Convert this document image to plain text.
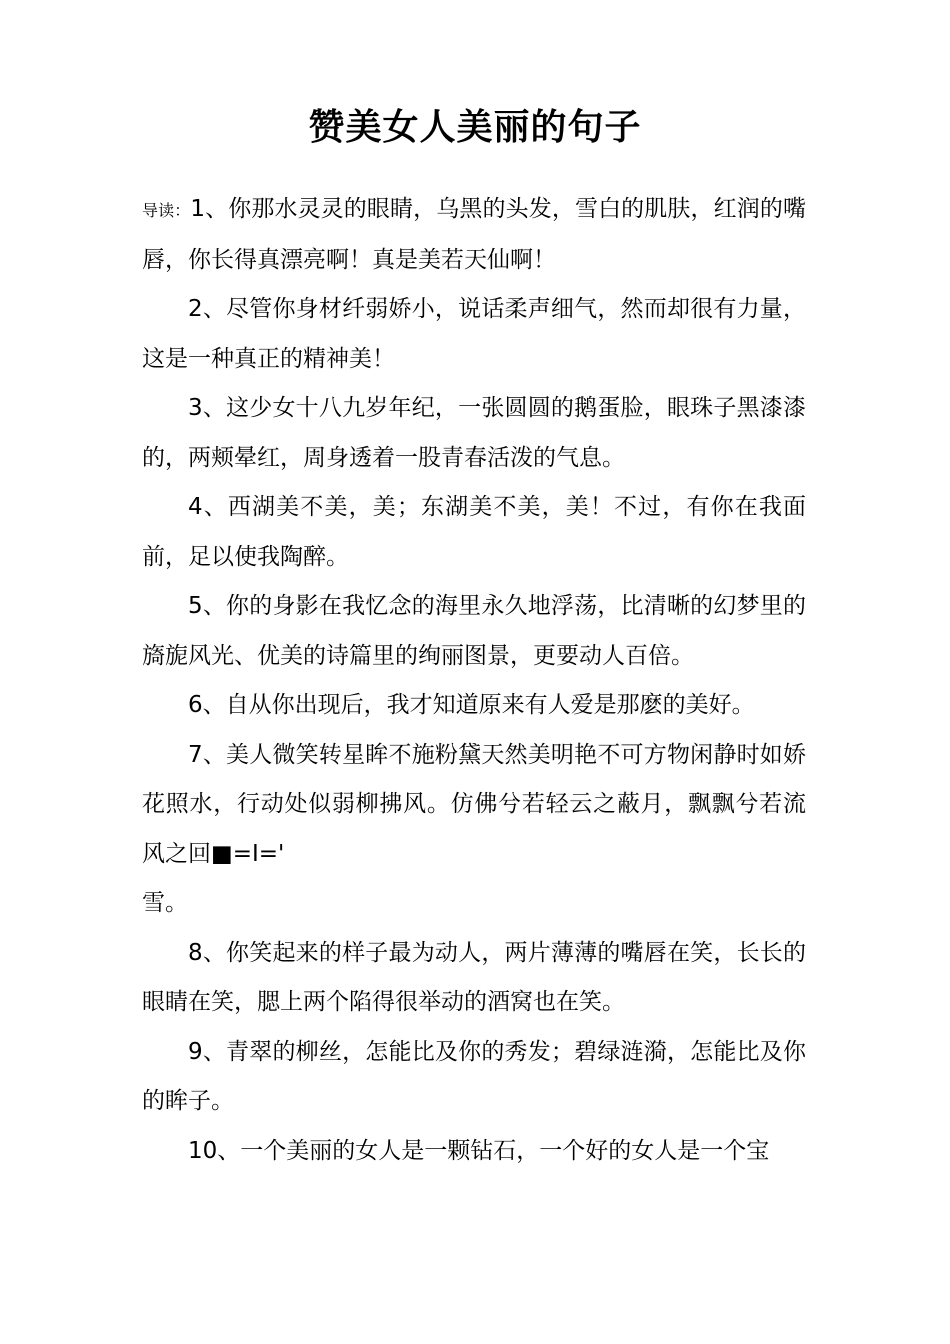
赞美女人美丽的句子

导读：1、你那水灵灵的眼睛，乌黑的头发，雪白的肌肤，红润的嘴唇，你长得真漂亮啊！真是美若天仙啊！

2、尽管你身材纤弱娇小，说话柔声细气，然而却很有力量，这是一种真正的精神美！

3、这少女十八九岁年纪，一张圆圆的鹅蛋脸，眼珠子黑漆漆的，两颊晕红，周身透着一股青春活泼的气息。

4、西湖美不美，美；东湖美不美，美！不过，有你在我面前，足以使我陶醉。

5、你的身影在我忆念的海里永久地浮荡，比清晰的幻梦里的旖旎风光、优美的诗篇里的绚丽图景，更要动人百倍。

6、自从你出现后，我才知道原来有人爱是那麽的美好。

7、美人微笑转星眸不施粉黛天然美明艳不可方物闲静时如娇花照水，行动处似弱柳拂风。仿佛兮若轻云之蔽月，飘飘兮若流风之回■=I='

雪。

8、你笑起来的样子最为动人，两片薄薄的嘴唇在笑，长长的眼睛在笑，腮上两个陷得很举动的酒窝也在笑。

9、青翠的柳丝，怎能比及你的秀发；碧绿涟漪，怎能比及你的眸子。

10、一个美丽的女人是一颗钻石，一个好的女人是一个宝
